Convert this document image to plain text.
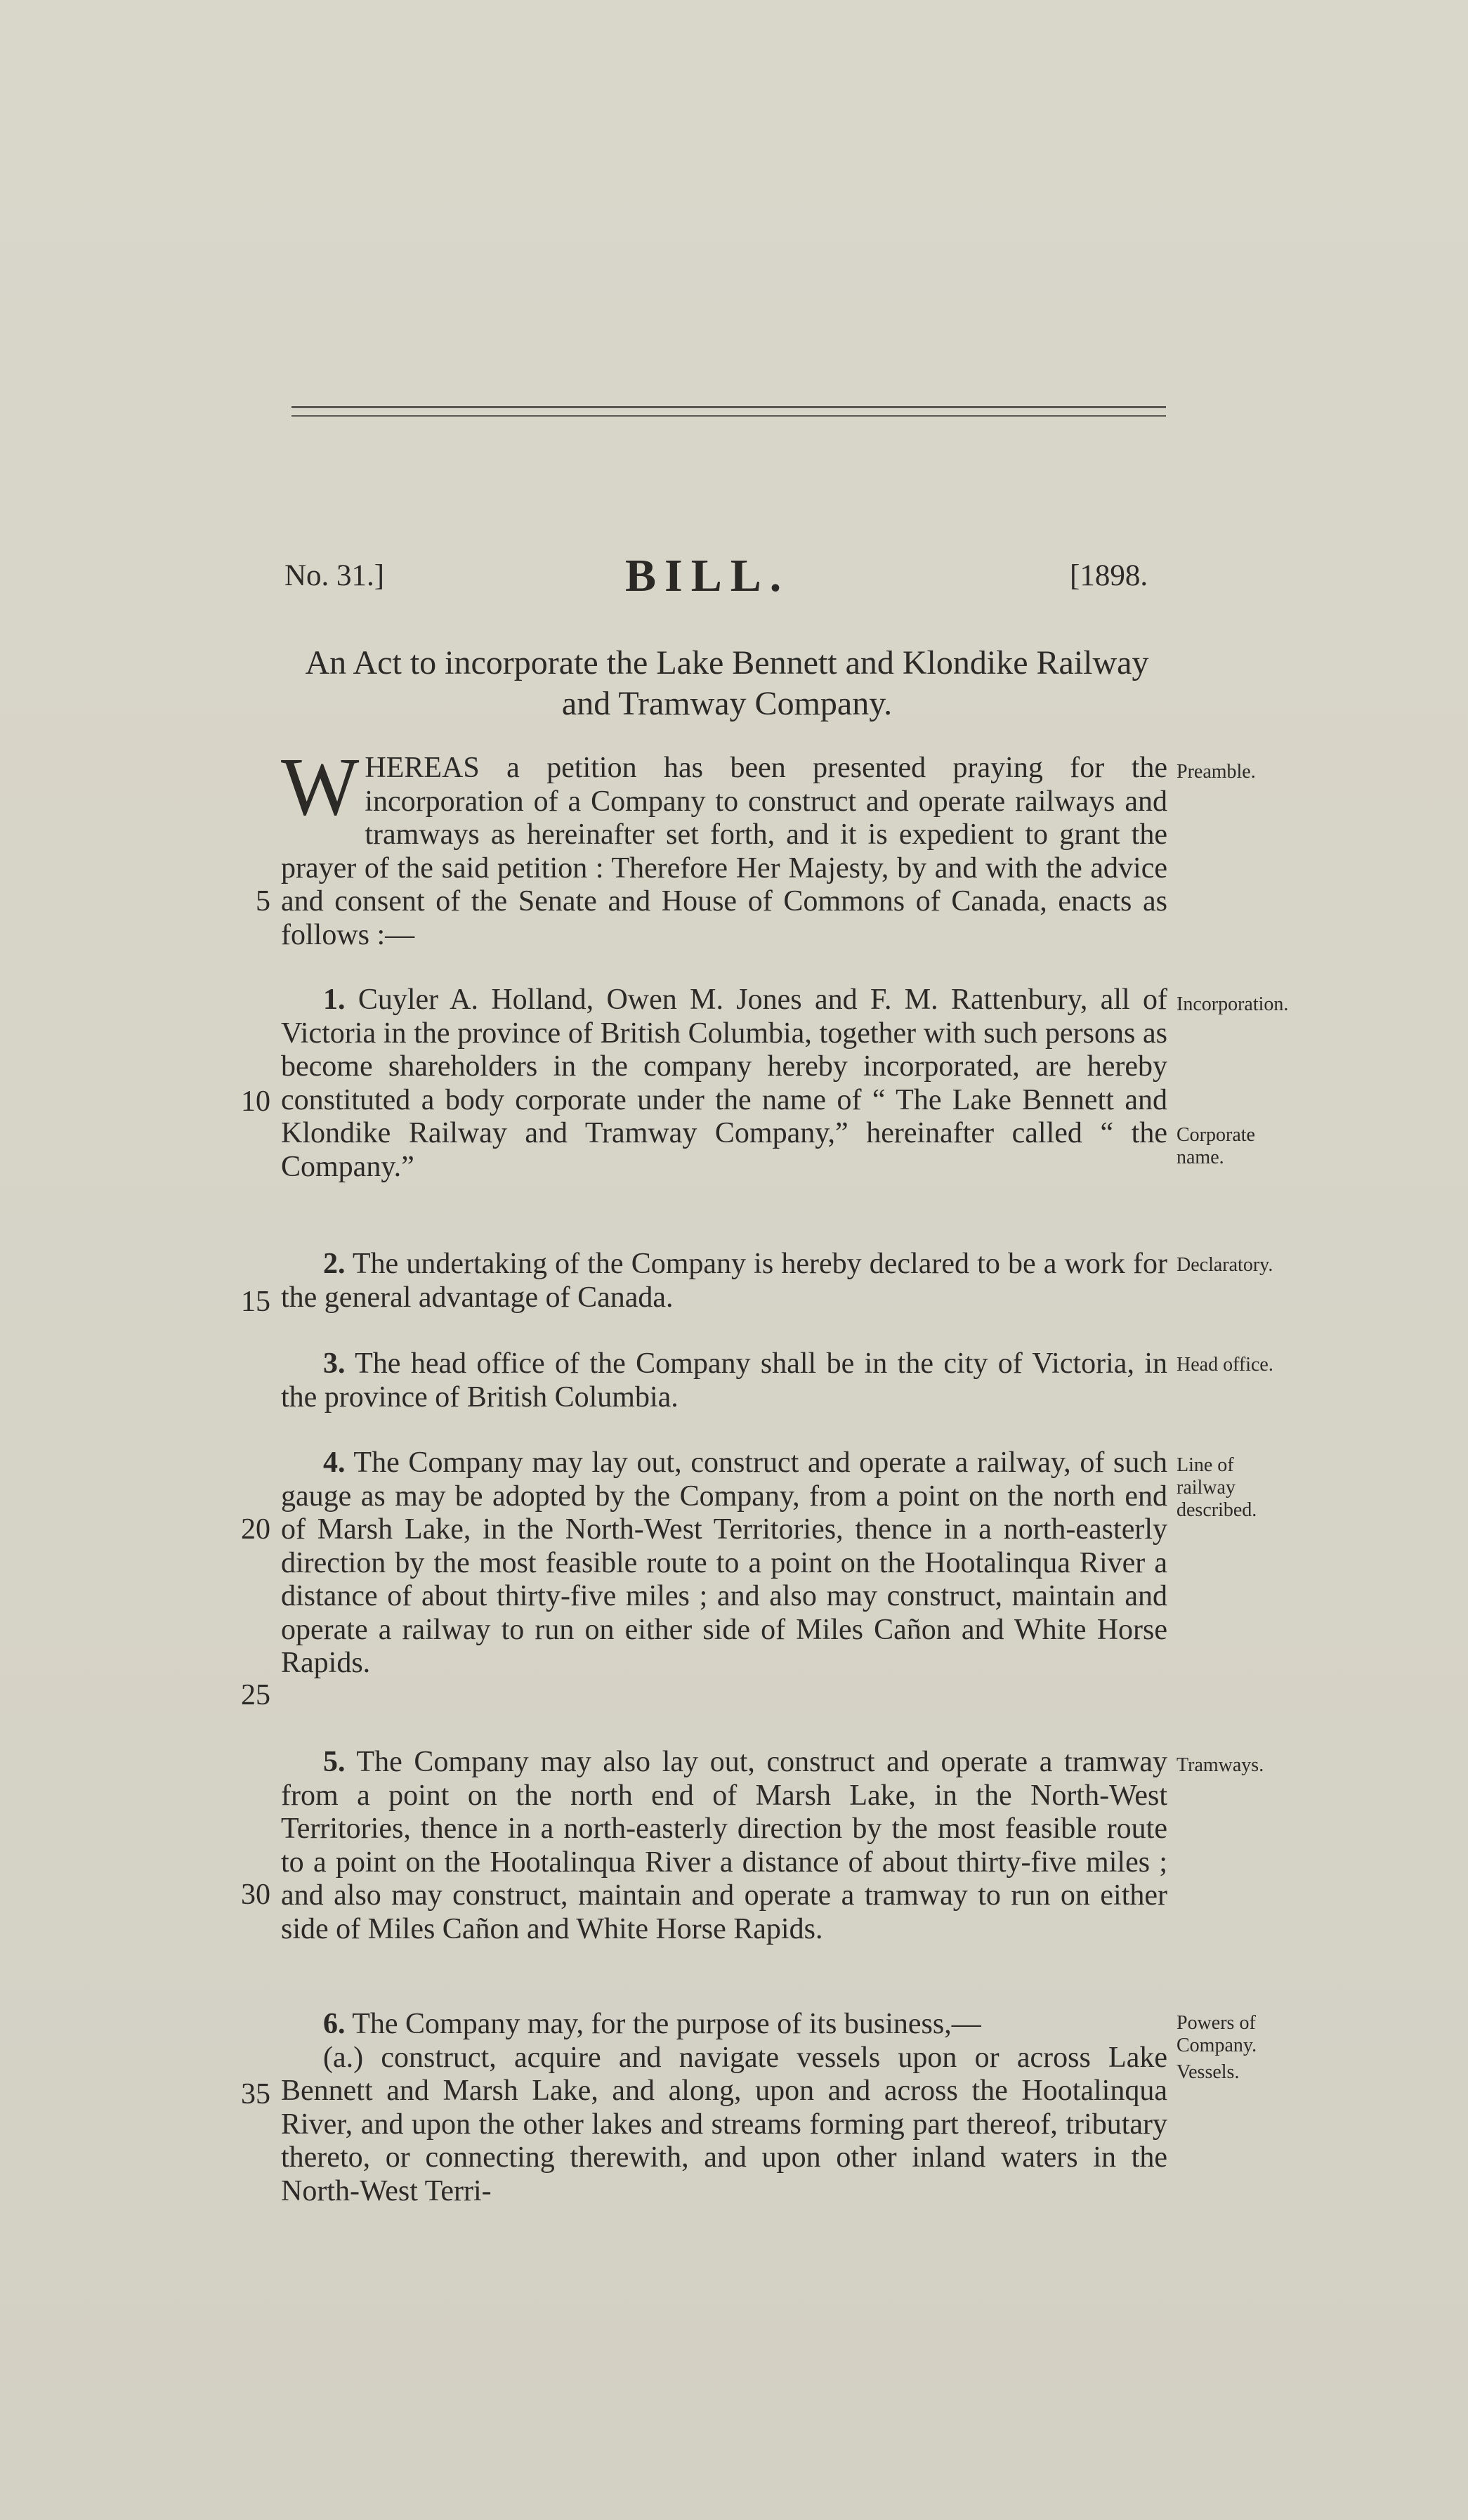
No. 31.]	BILL.	[1898.
An Act to incorporate the Lake Bennett and Klondike Railway and Tramway Company.

WHEREAS a petition has been presented praying for the incorporation of a Company to construct and operate railways and tramways as hereinafter set forth, and it is expedient to grant the prayer of the said petition : Therefore Her Majesty, by and with the advice and consent of the Senate and House of Commons of Canada, enacts as follows :—

1. Cuyler A. Holland, Owen M. Jones and F. M. Rattenbury, all of Victoria in the province of British Columbia, together with such persons as become shareholders in the company hereby incorporated, are hereby constituted a body corporate under the name of “ The Lake Bennett and Klondike Railway and Tramway Company,” hereinafter called “ the Company.”

2. The undertaking of the Company is hereby declared to be a work for the general advantage of Canada.

3. The head office of the Company shall be in the city of Victoria, in the province of British Columbia.

4. The Company may lay out, construct and operate a railway, of such gauge as may be adopted by the Company, from a point on the north end of Marsh Lake, in the North-West Territories, thence in a north-easterly direction by the most feasible route to a point on the Hootalinqua River a distance of about thirty-five miles ; and also may construct, maintain and operate a railway to run on either side of Miles Cañon and White Horse Rapids.

5. The Company may also lay out, construct and operate a tramway from a point on the north end of Marsh Lake, in the North-West Territories, thence in a north-easterly direction by the most feasible route to a point on the Hootalinqua River a distance of about thirty-five miles ; and also may construct, maintain and operate a tramway to run on either side of Miles Cañon and White Horse Rapids.

6. The Company may, for the purpose of its business,—

(a.) construct, acquire and navigate vessels upon or across Lake Bennett and Marsh Lake, and along, upon and across the Hootalinqua River, and upon the other lakes and streams forming part thereof, tributary thereto, or connecting therewith, and upon other inland waters in the North-West Terri-

5
10
15
20
25
30
35
Preamble.
Incorporation.
Corporate name.
Declaratory.
Head office.
Line of railway described.
Tramways.
Powers of Company.
Vessels.
